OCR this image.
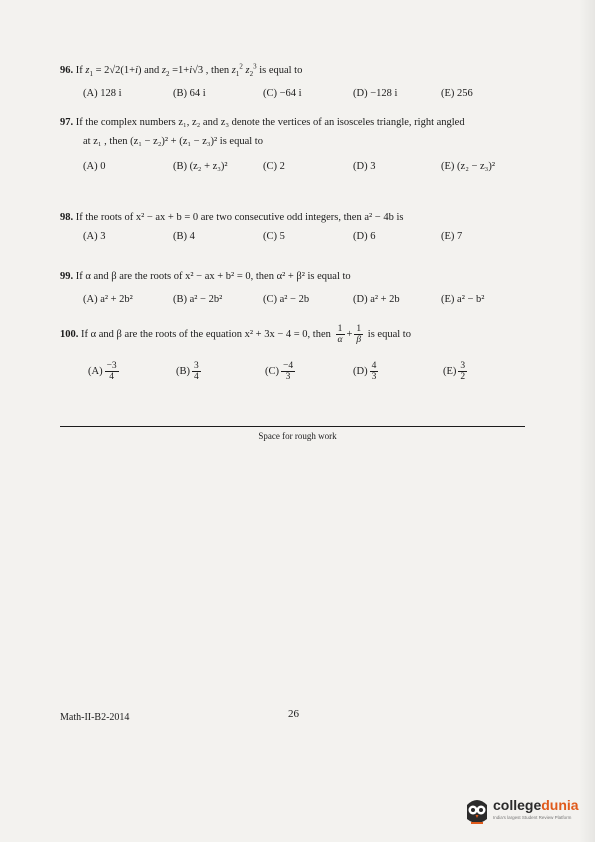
96. If $z_1 = 2√2(1+i)$ and $z_2 =1+i√3$ , then $z_1^2$ $z_2^3$ is equal to
(A) 128 i	(B) 64 i	(C) −64 i	(D) −128 i	(E) 256
97. If the complex numbers z₁, z₂ and z₃ denote the vertices of an isosceles triangle, right angled
at z₁ , then (z₁ − z₂)² + (z₁ − z₃)² is equal to
(A) 0	(B) (z₂ + z₃)²	(C) 2	(D) 3	(E) (z₂ − z₃)²
98. If the roots of x² − ax + b = 0 are two consecutive odd integers, then a² − 4b is
(A) 3	(B) 4	(C) 5	(D) 6	(E) 7
99. If α and β are the roots of x² − ax + b² = 0, then α² + β² is equal to
(A) a² + 2b²	(B) a² − 2b²	(C) a² − 2b	(D) a² + 2b	(E) a² − b²
100. If α and β are the roots of the equation x² + 3x − 4 = 0, then $\frac{1}{\alpha} + \frac{1}{\beta}$ is equal to
$(A) \frac{-3}{4}$	$(B) \frac{3}{4}$	$(C) \frac{-4}{3}$	$(D) \frac{4}{3}$	$(E) \frac{3}{2}$
Space for rough work
Math-II-B2-2014	26
collegedunia
India's largest Student Review Platform
